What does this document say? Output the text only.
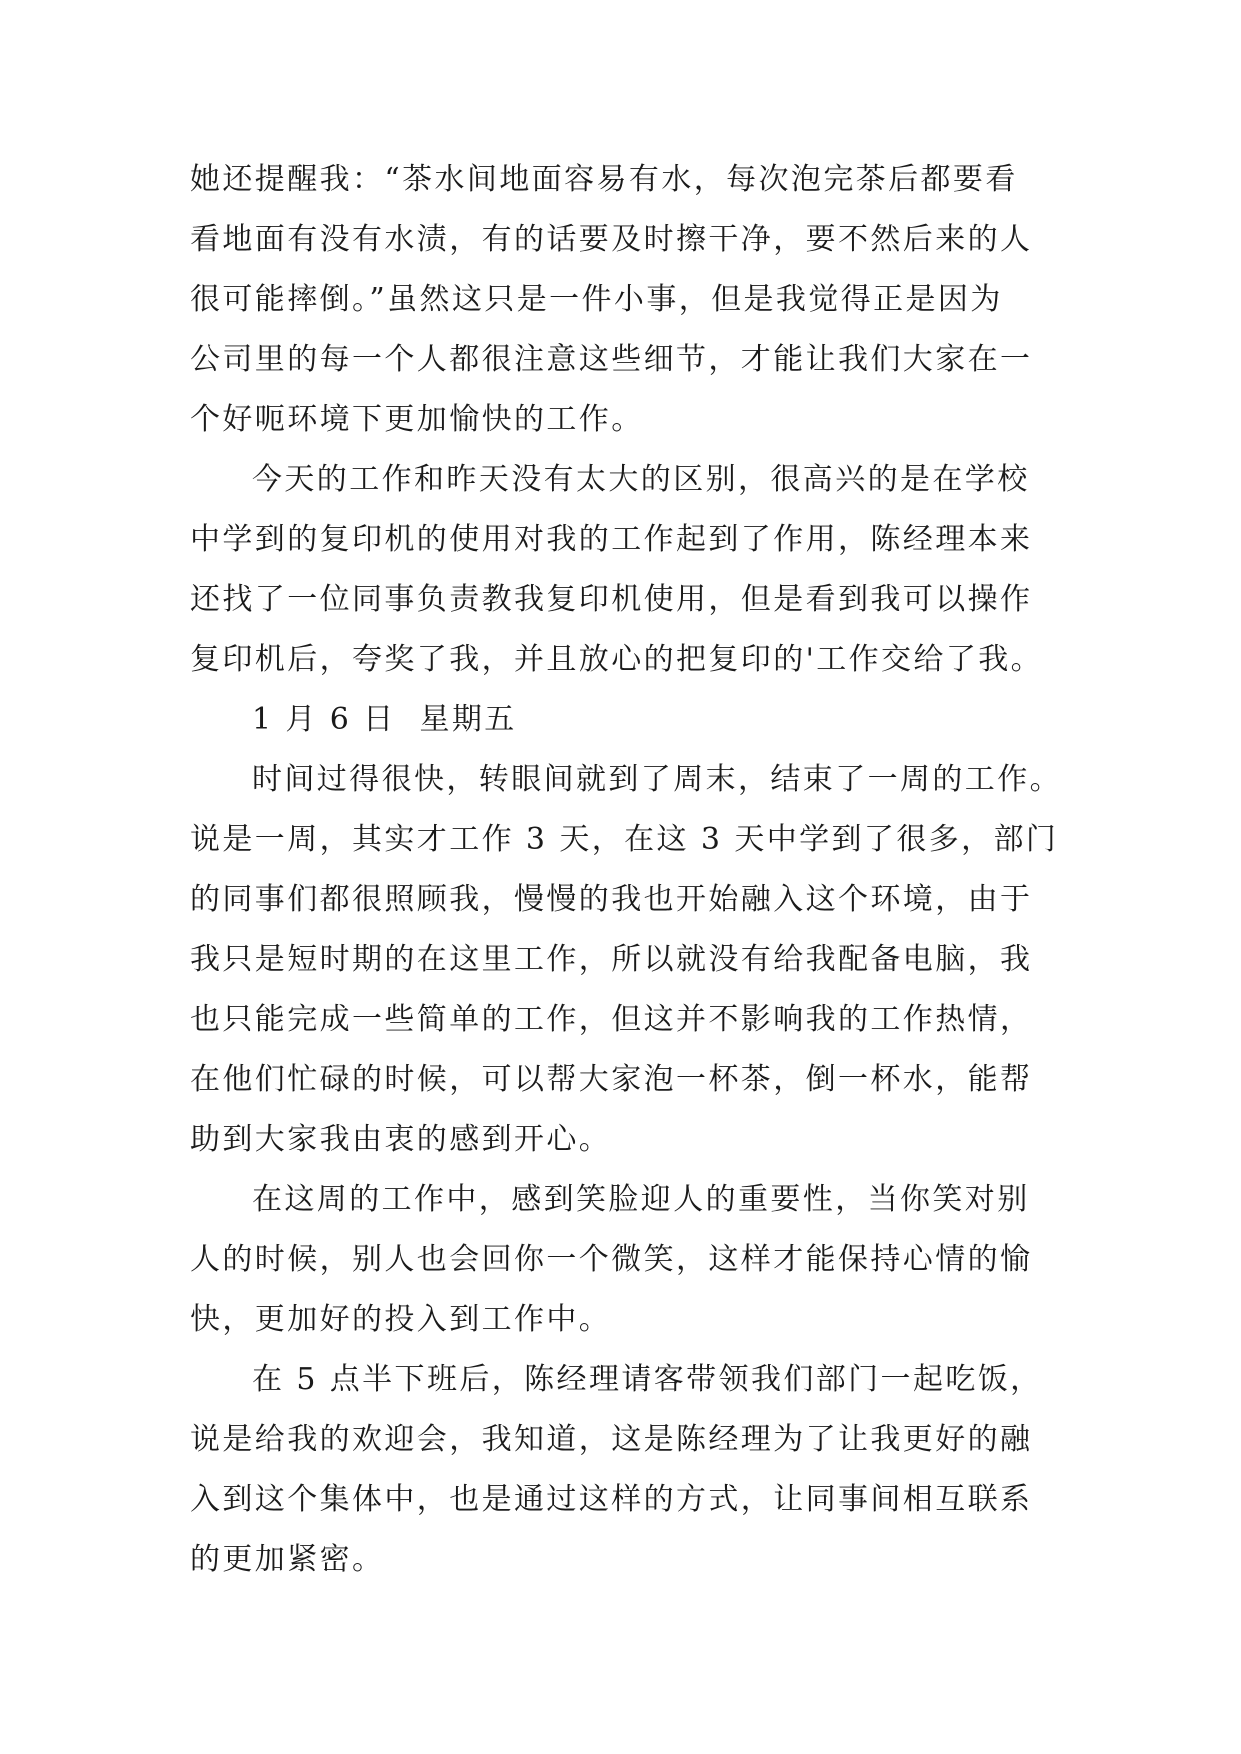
她还提醒我：“茶水间地面容易有水，每次泡完茶后都要看
看地面有没有水渍，有的话要及时擦干净，要不然后来的人
很可能摔倒。”虽然这只是一件小事，但是我觉得正是因为
公司里的每一个人都很注意这些细节，才能让我们大家在一
个好呃环境下更加愉快的工作。
今天的工作和昨天没有太大的区别，很高兴的是在学校
中学到的复印机的使用对我的工作起到了作用，陈经理本来
还找了一位同事负责教我复印机使用，但是看到我可以操作
复印机后，夸奖了我，并且放心的把复印的'工作交给了我。
1 月 6 日  星期五
时间过得很快，转眼间就到了周末，结束了一周的工作。
说是一周，其实才工作 3 天，在这 3 天中学到了很多，部门
的同事们都很照顾我，慢慢的我也开始融入这个环境，由于
我只是短时期的在这里工作，所以就没有给我配备电脑，我
也只能完成一些简单的工作，但这并不影响我的工作热情，
在他们忙碌的时候，可以帮大家泡一杯茶，倒一杯水，能帮
助到大家我由衷的感到开心。
在这周的工作中，感到笑脸迎人的重要性，当你笑对别
人的时候，别人也会回你一个微笑，这样才能保持心情的愉
快，更加好的投入到工作中。
在 5 点半下班后，陈经理请客带领我们部门一起吃饭，
说是给我的欢迎会，我知道，这是陈经理为了让我更好的融
入到这个集体中，也是通过这样的方式，让同事间相互联系
的更加紧密。
